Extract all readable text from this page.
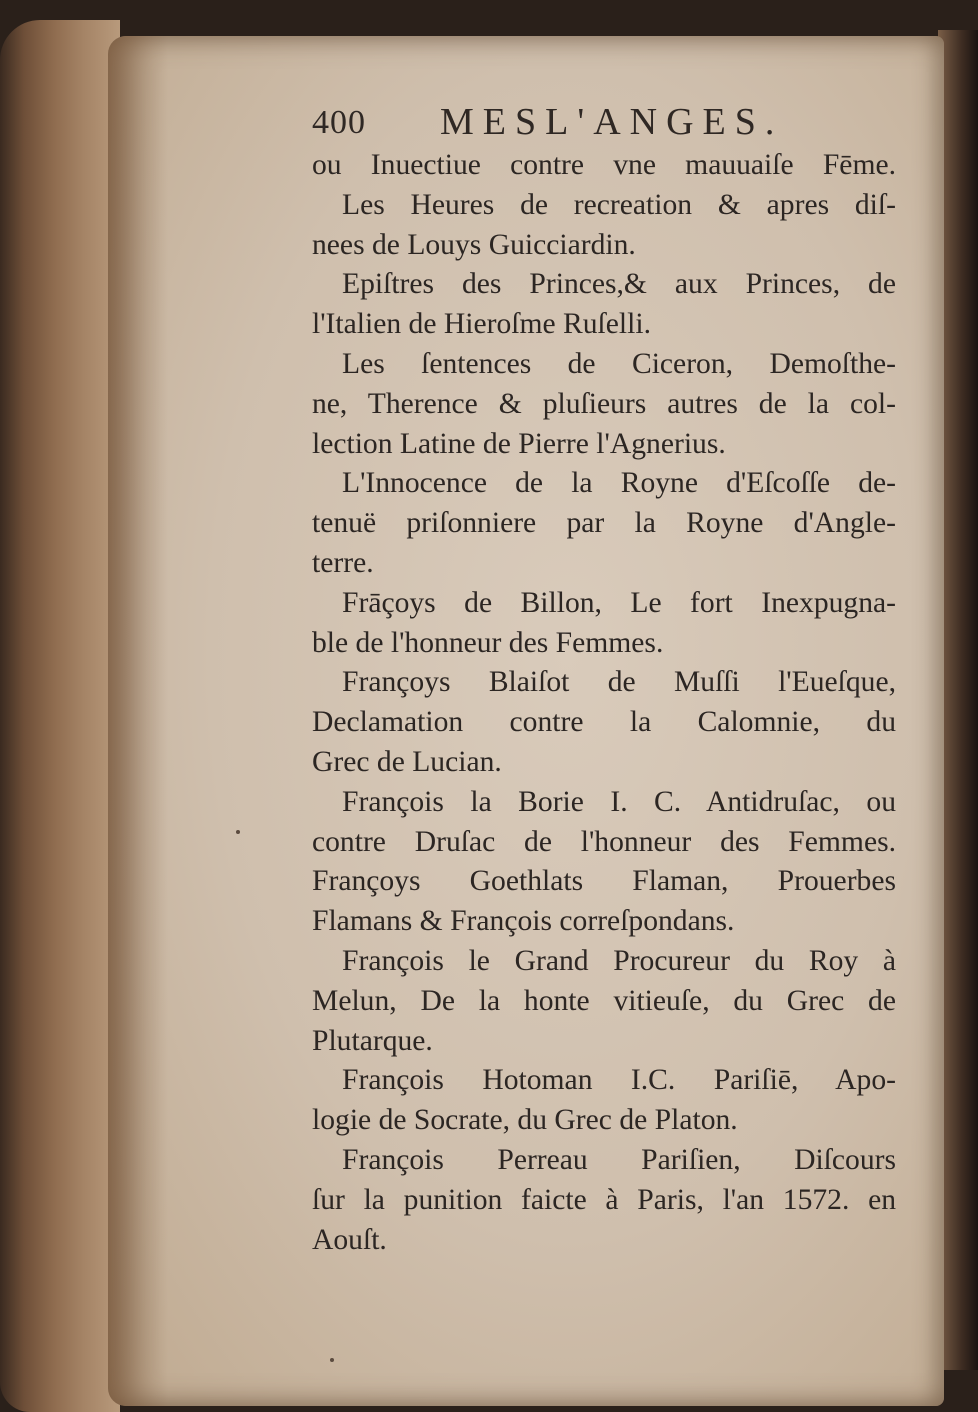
400 MESL'ANGES.
ou Inuectiue contre vne mauuaiſe Fēme.
Les Heures de recreation & apres diſ-
nees de Louys Guicciardin.
Epiſtres des Princes,& aux Princes, de
l'Italien de Hieroſme Ruſelli.
Les ſentences de Ciceron, Demoſthe-
ne, Therence & pluſieurs autres de la col-
lection Latine de Pierre l'Agnerius.
L'Innocence de la Royne d'Eſcoſſe de-
tenuë priſonniere par la Royne d'Angle-
terre.
Frāçoys de Billon, Le fort Inexpugna-
ble de l'honneur des Femmes.
Françoys Blaiſot de Muſſi l'Eueſque,
Declamation contre la Calomnie, du
Grec de Lucian.
François la Borie I. C. Antidruſac, ou
contre Druſac de l'honneur des Femmes.
Françoys Goethlats Flaman, Prouerbes
Flamans & François correſpondans.
François le Grand Procureur du Roy à
Melun, De la honte vitieuſe, du Grec de
Plutarque.
François Hotoman I.C. Pariſiē, Apo-
logie de Socrate, du Grec de Platon.
François Perreau Pariſien, Diſcours
ſur la punition faicte à Paris, l'an 1572. en
Aouſt.
